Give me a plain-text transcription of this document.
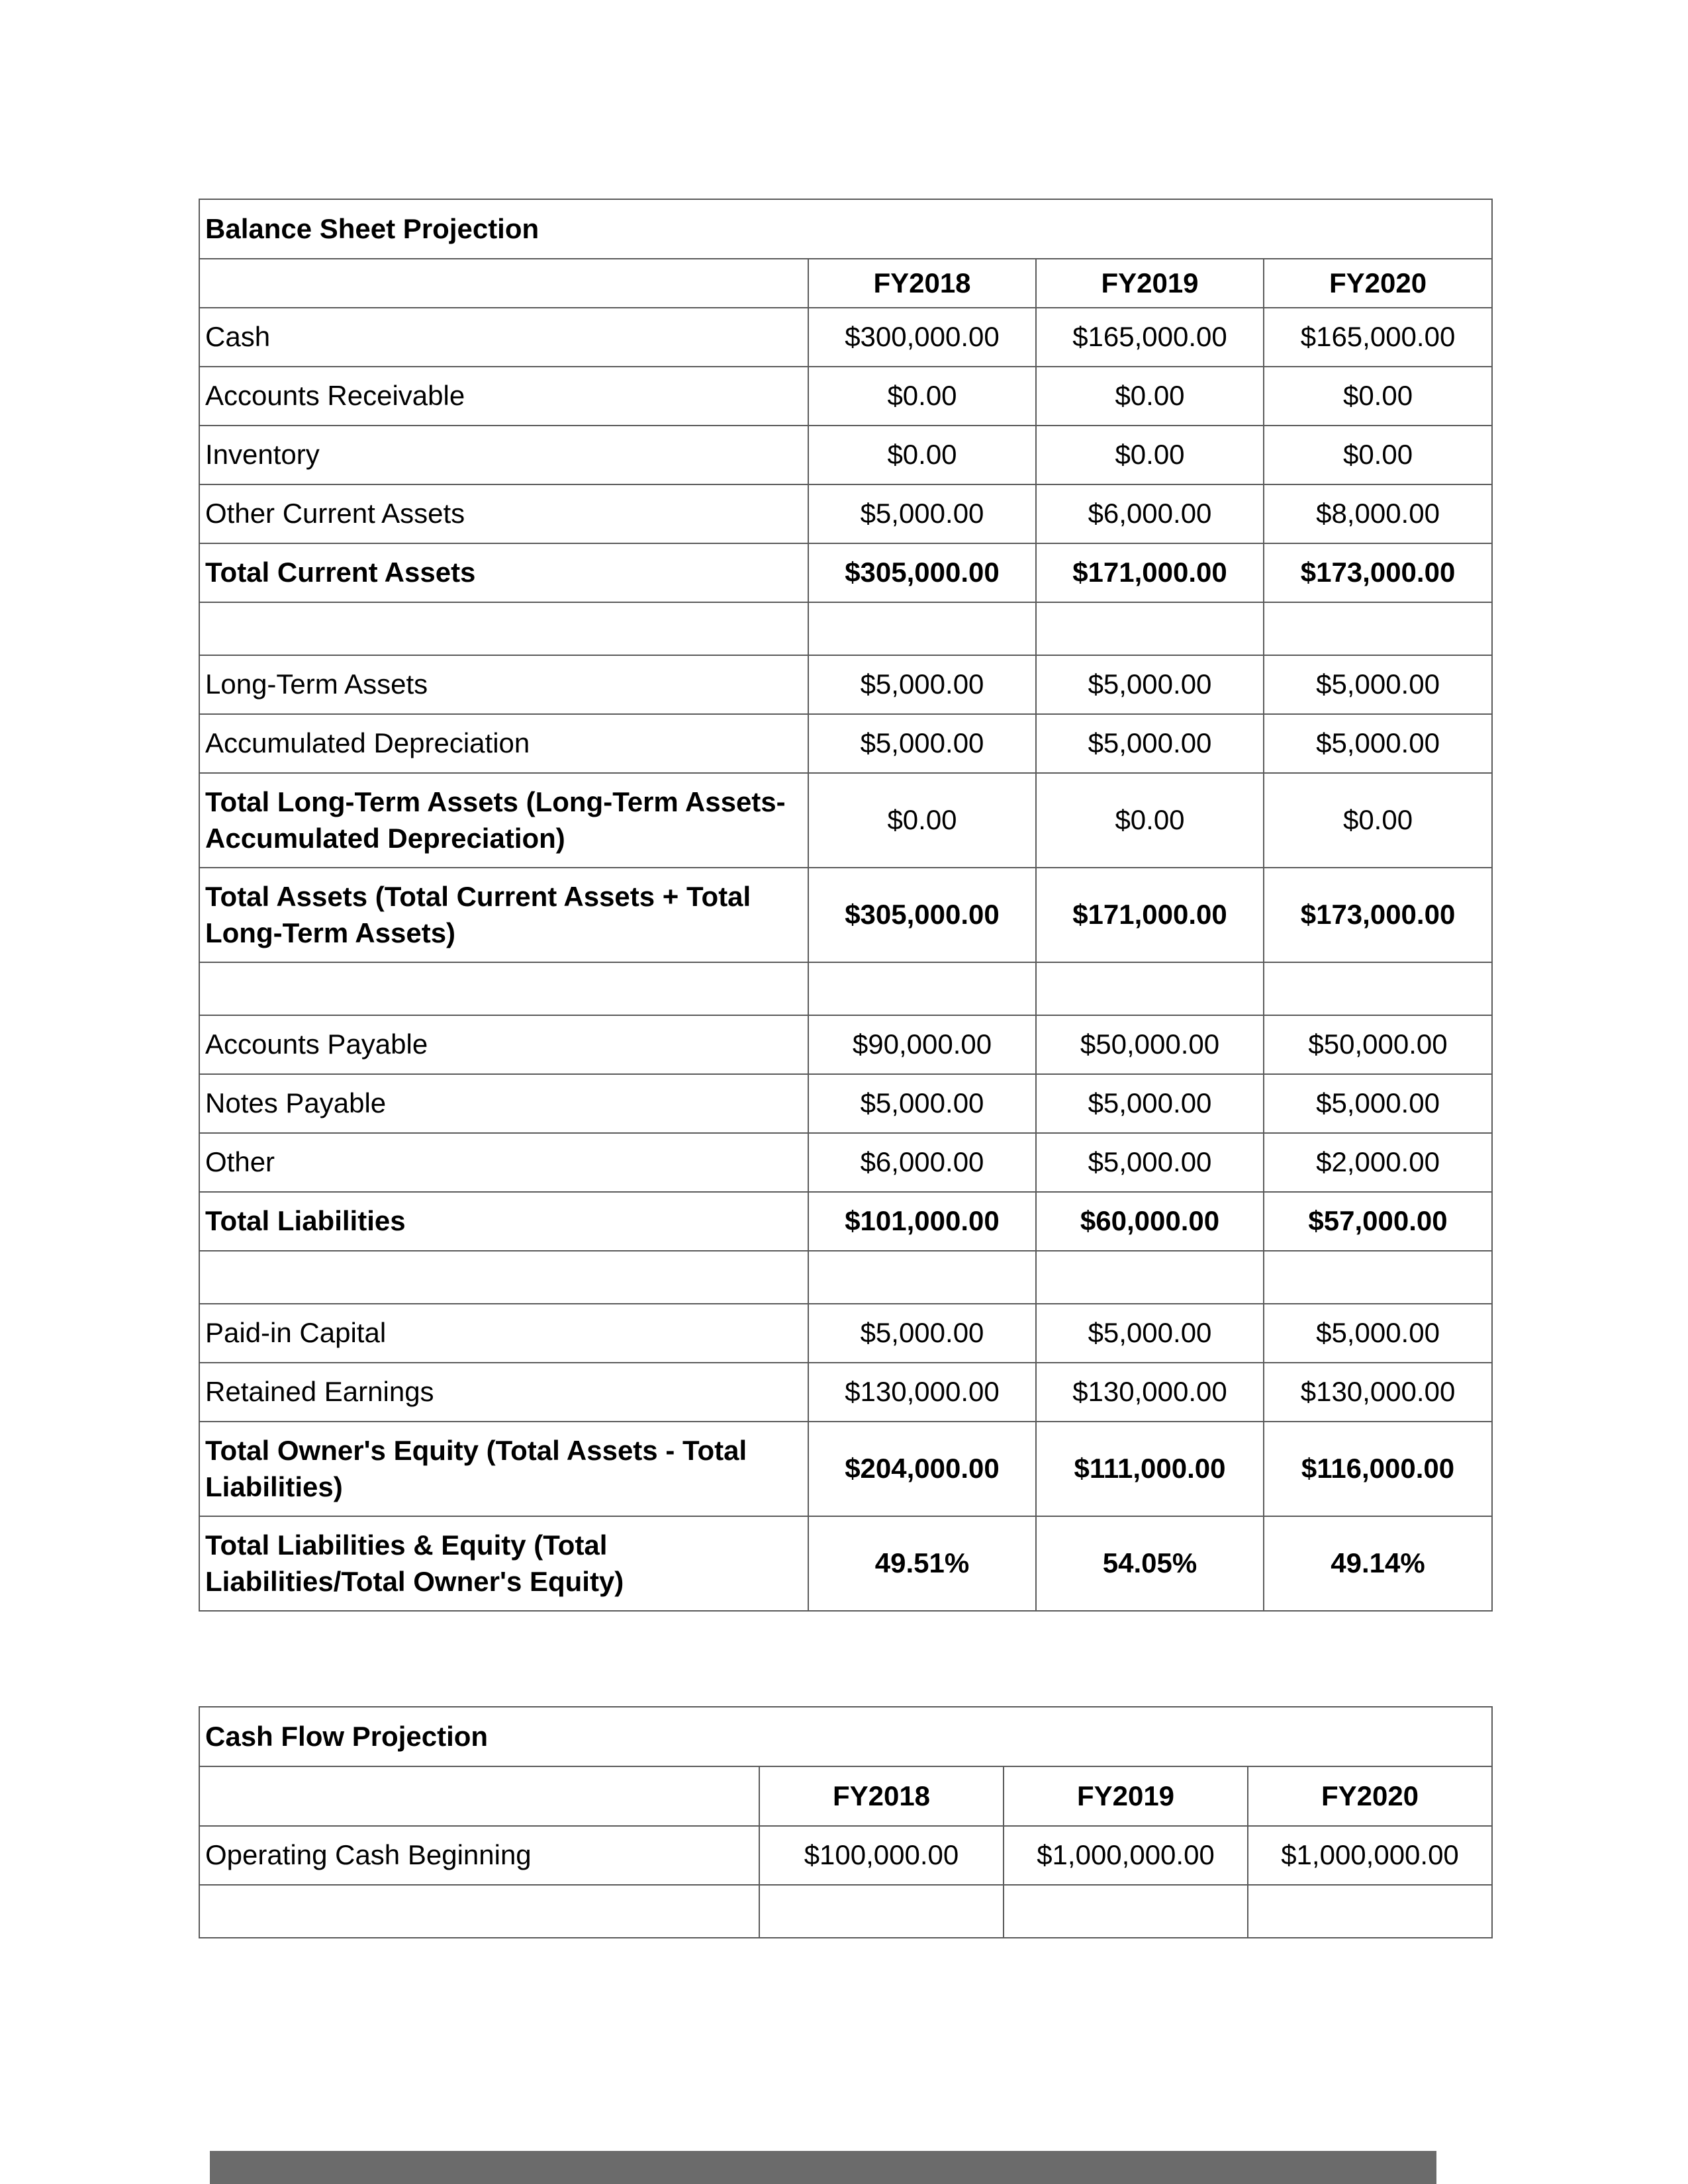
Balance Sheet Projection			
	FY2018	FY2019	FY2020
Cash	$300,000.00	$165,000.00	$165,000.00
Accounts Receivable	$0.00	$0.00	$0.00
Inventory	$0.00	$0.00	$0.00
Other Current Assets	$5,000.00	$6,000.00	$8,000.00
Total Current Assets	$305,000.00	$171,000.00	$173,000.00

Long-Term Assets	$5,000.00	$5,000.00	$5,000.00
Accumulated Depreciation	$5,000.00	$5,000.00	$5,000.00
Total Long-Term Assets (Long-Term Assets- Accumulated Depreciation)	$0.00	$0.00	$0.00
Total Assets (Total Current Assets + Total Long-Term Assets)	$305,000.00	$171,000.00	$173,000.00

Accounts Payable	$90,000.00	$50,000.00	$50,000.00
Notes Payable	$5,000.00	$5,000.00	$5,000.00
Other	$6,000.00	$5,000.00	$2,000.00
Total Liabilities	$101,000.00	$60,000.00	$57,000.00

Paid-in Capital	$5,000.00	$5,000.00	$5,000.00
Retained Earnings	$130,000.00	$130,000.00	$130,000.00
Total Owner's Equity (Total Assets - Total Liabilities)	$204,000.00	$111,000.00	$116,000.00
Total Liabilities & Equity (Total Liabilities/Total Owner's Equity)	49.51%	54.05%	49.14%
Cash Flow Projection			
	FY2018	FY2019	FY2020
Operating Cash Beginning	$100,000.00	$1,000,000.00	$1,000,000.00
